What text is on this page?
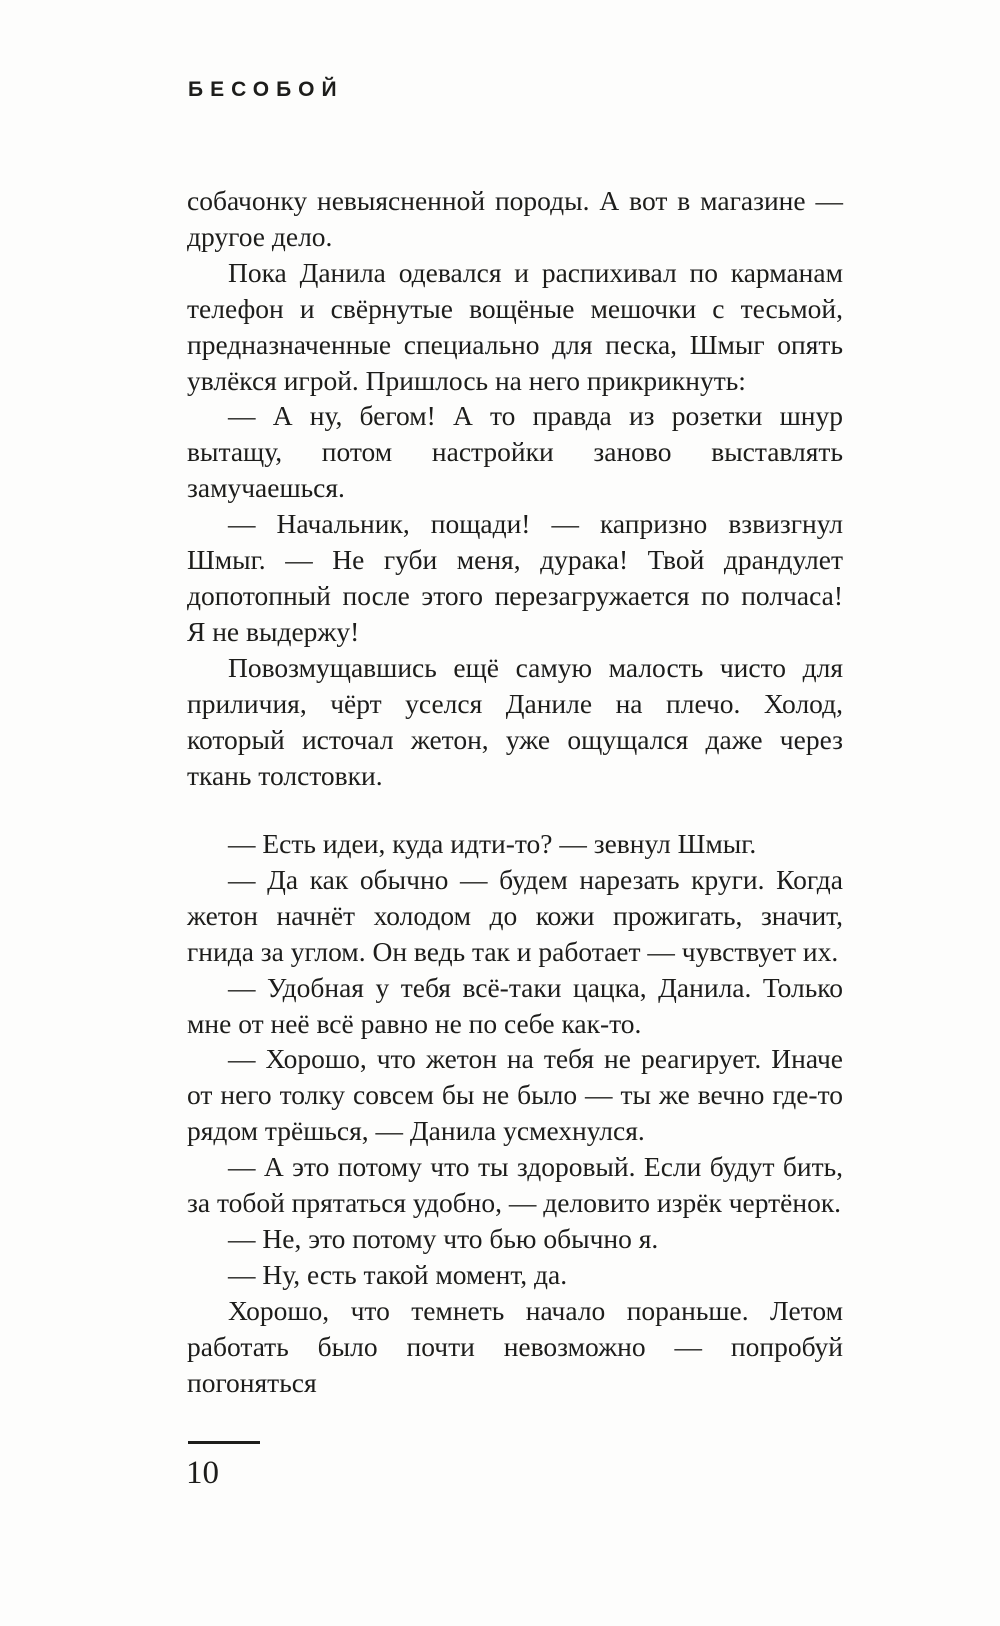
БЕСОБОЙ

собачонку невыясненной породы. А вот в магазине — другое дело.

Пока Данила одевался и распихивал по карманам телефон и свёрнутые вощёные мешочки с тесьмой, предназначенные специально для песка, Шмыг опять увлёкся игрой. Пришлось на него прикрикнуть:

— А ну, бегом! А то правда из розетки шнур вытащу, потом настройки заново выставлять замучаешься.

— Начальник, пощади! — капризно взвизгнул Шмыг. — Не губи меня, дурака! Твой драндулет допотопный после этого перезагружается по полчаса! Я не выдержу!

Повозмущавшись ещё самую малость чисто для приличия, чёрт уселся Даниле на плечо. Холод, который источал жетон, уже ощущался даже через ткань толстовки.

— Есть идеи, куда идти-то? — зевнул Шмыг.

— Да как обычно — будем нарезать круги. Когда жетон начнёт холодом до кожи прожигать, значит, гнида за углом. Он ведь так и работает — чувствует их.

— Удобная у тебя всё-таки цацка, Данила. Только мне от неё всё равно не по себе как-то.

— Хорошо, что жетон на тебя не реагирует. Иначе от него толку совсем бы не было — ты же вечно где-то рядом трёшься, — Данила усмехнулся.

— А это потому что ты здоровый. Если будут бить, за тобой прятаться удобно, — деловито изрёк чертёнок.

— Не, это потому что бью обычно я.

— Ну, есть такой момент, да.

Хорошо, что темнеть начало пораньше. Летом работать было почти невозможно — попробуй погоняться

10
